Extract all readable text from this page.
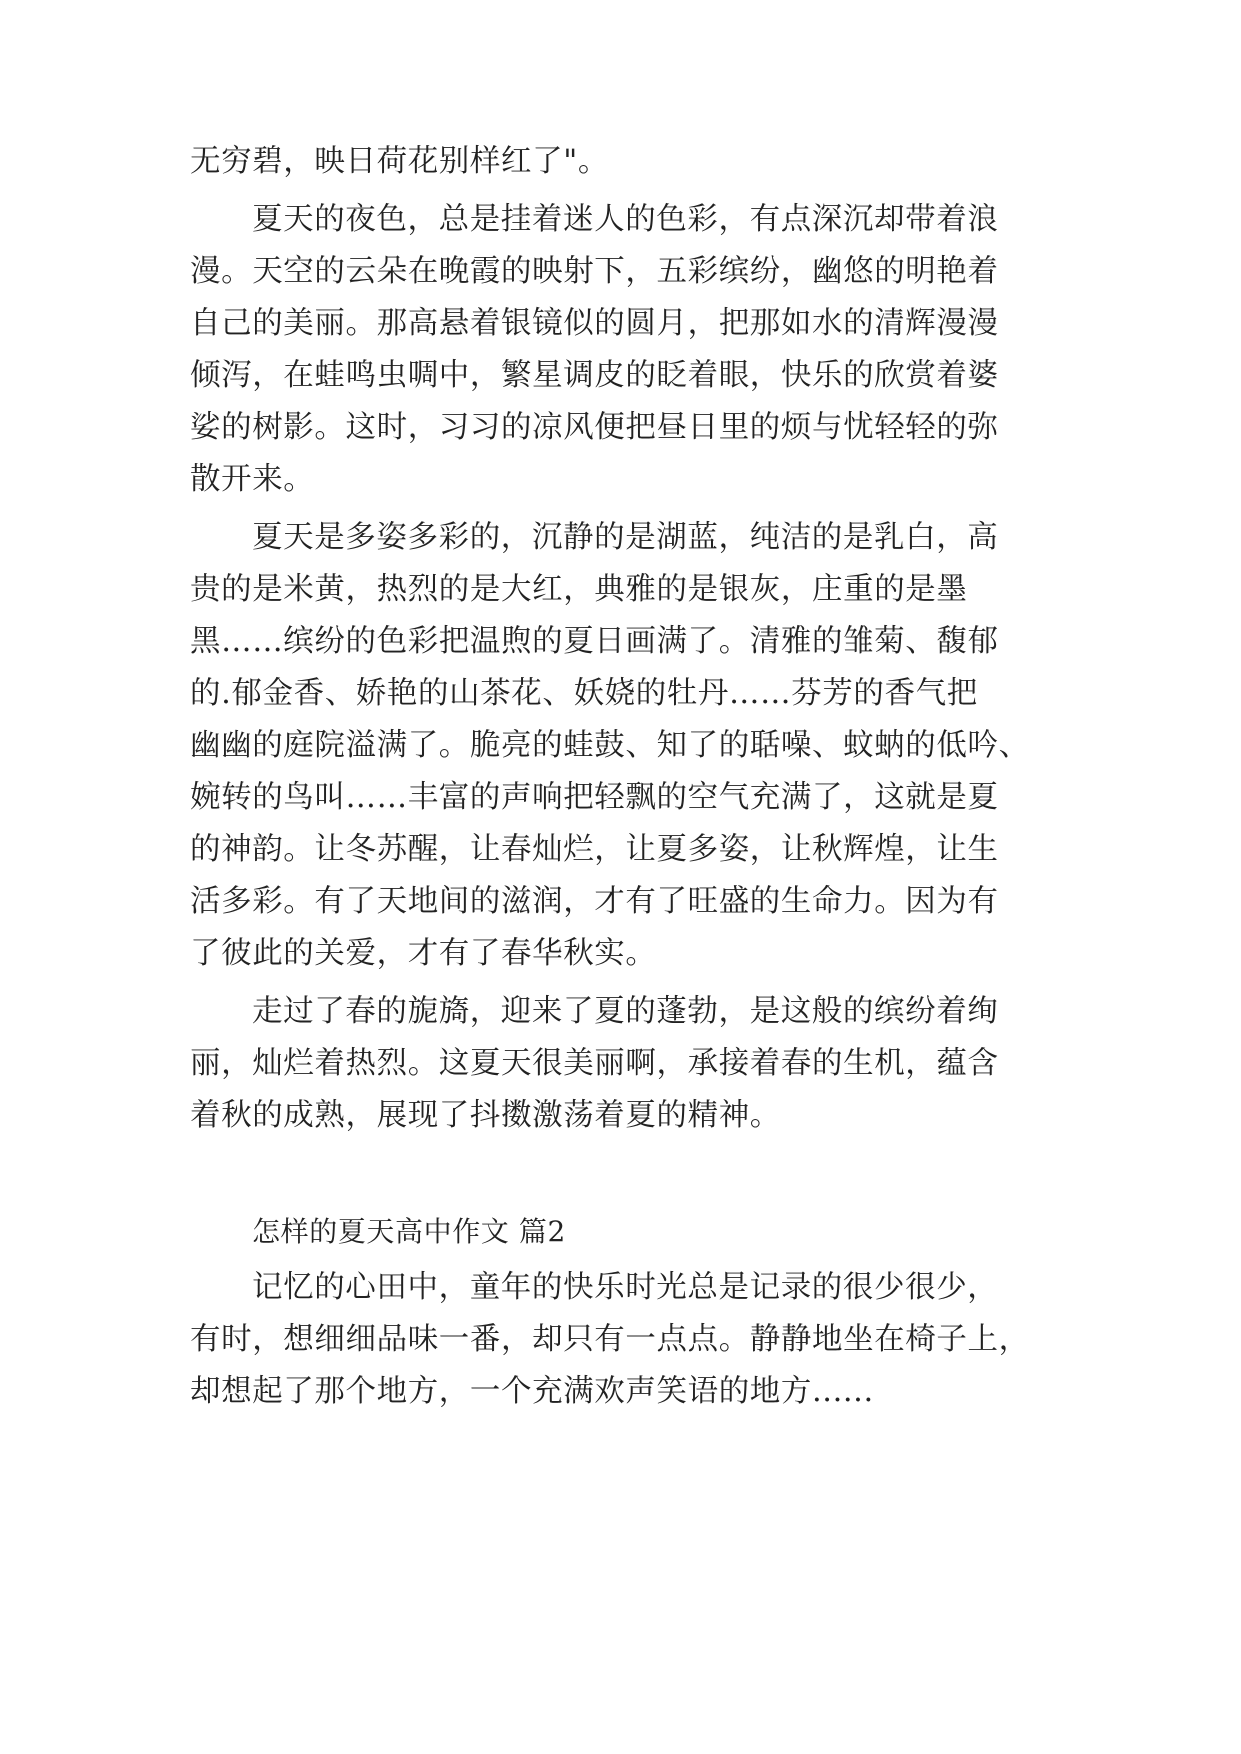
无穷碧，映日荷花别样红了"。
夏天的夜色，总是挂着迷人的色彩，有点深沉却带着浪
漫。天空的云朵在晚霞的映射下，五彩缤纷，幽悠的明艳着
自己的美丽。那高悬着银镜似的圆月，把那如水的清辉漫漫
倾泻，在蛙鸣虫啁中，繁星调皮的眨着眼，快乐的欣赏着婆
娑的树影。这时，习习的凉风便把昼日里的烦与忧轻轻的弥
散开来。
夏天是多姿多彩的，沉静的是湖蓝，纯洁的是乳白，高
贵的是米黄，热烈的是大红，典雅的是银灰，庄重的是墨
黑……缤纷的色彩把温煦的夏日画满了。清雅的雏菊、馥郁
的.郁金香、娇艳的山茶花、妖娆的牡丹……芬芳的香气把
幽幽的庭院溢满了。脆亮的蛙鼓、知了的聒噪、蚊蚋的低吟、
婉转的鸟叫……丰富的声响把轻飘的空气充满了，这就是夏
的神韵。让冬苏醒，让春灿烂，让夏多姿，让秋辉煌，让生
活多彩。有了天地间的滋润，才有了旺盛的生命力。因为有
了彼此的关爱，才有了春华秋实。
走过了春的旎旖，迎来了夏的蓬勃，是这般的缤纷着绚
丽，灿烂着热烈。这夏天很美丽啊，承接着春的生机，蕴含
着秋的成熟，展现了抖擞激荡着夏的精神。
怎样的夏天高中作文 篇2
记忆的心田中，童年的快乐时光总是记录的很少很少，
有时，想细细品味一番，却只有一点点。静静地坐在椅子上，
却想起了那个地方，一个充满欢声笑语的地方......
